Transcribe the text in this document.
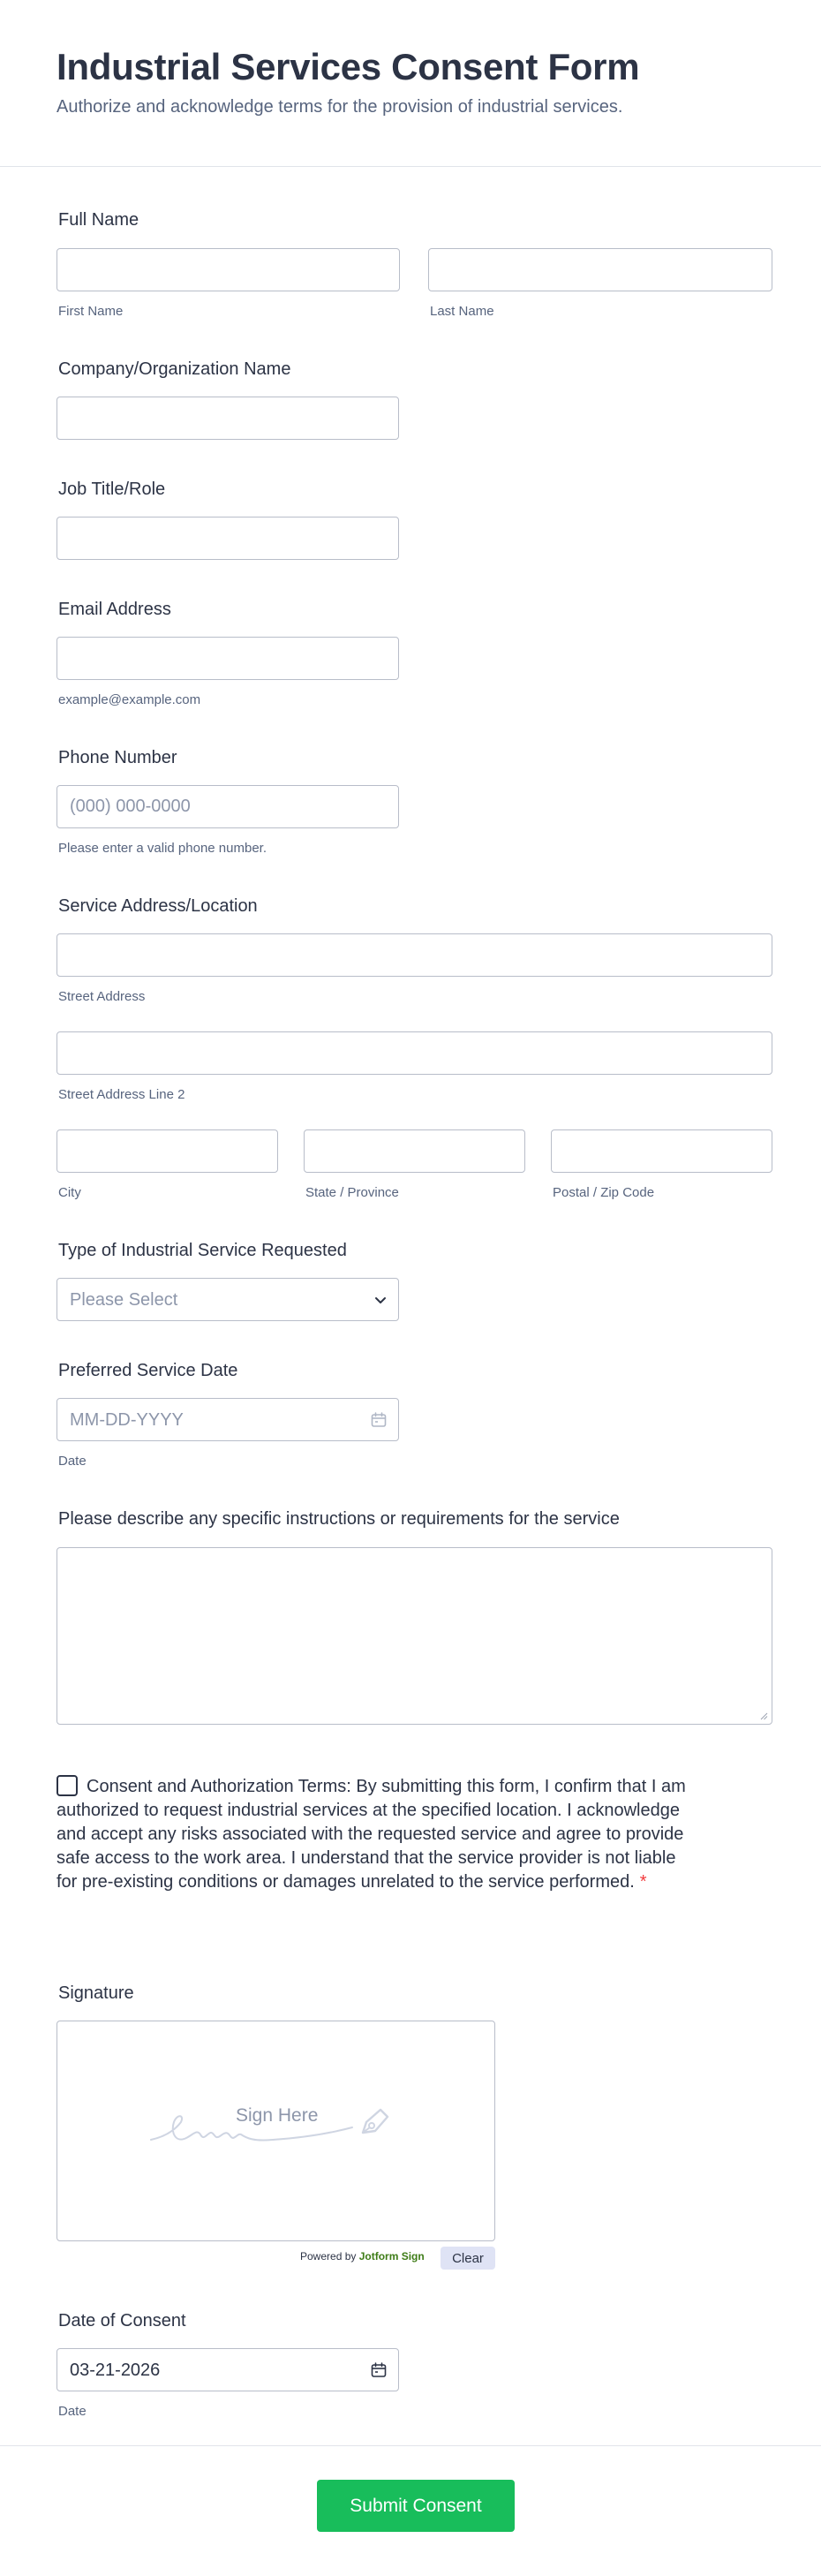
Industrial Services Consent Form
Authorize and acknowledge terms for the provision of industrial services.
Full Name
First Name	Last Name
Company/Organization Name
Job Title/Role
Email Address
example@example.com
Phone Number
(000) 000-0000
Please enter a valid phone number.
Service Address/Location
Street Address
Street Address Line 2
City	State / Province	Postal / Zip Code
Type of Industrial Service Requested
Please Select
Preferred Service Date
MM-DD-YYYY
Date
Please describe any specific instructions or requirements for the service
Consent and Authorization Terms: By submitting this form, I confirm that I am authorized to request industrial services at the specified location. I acknowledge and accept any risks associated with the requested service and agree to provide safe access to the work area. I understand that the service provider is not liable for pre-existing conditions or damages unrelated to the service performed. *
Signature
Sign Here
Powered by Jotform Sign	Clear
Date of Consent
03-21-2026
Date
Submit Consent
